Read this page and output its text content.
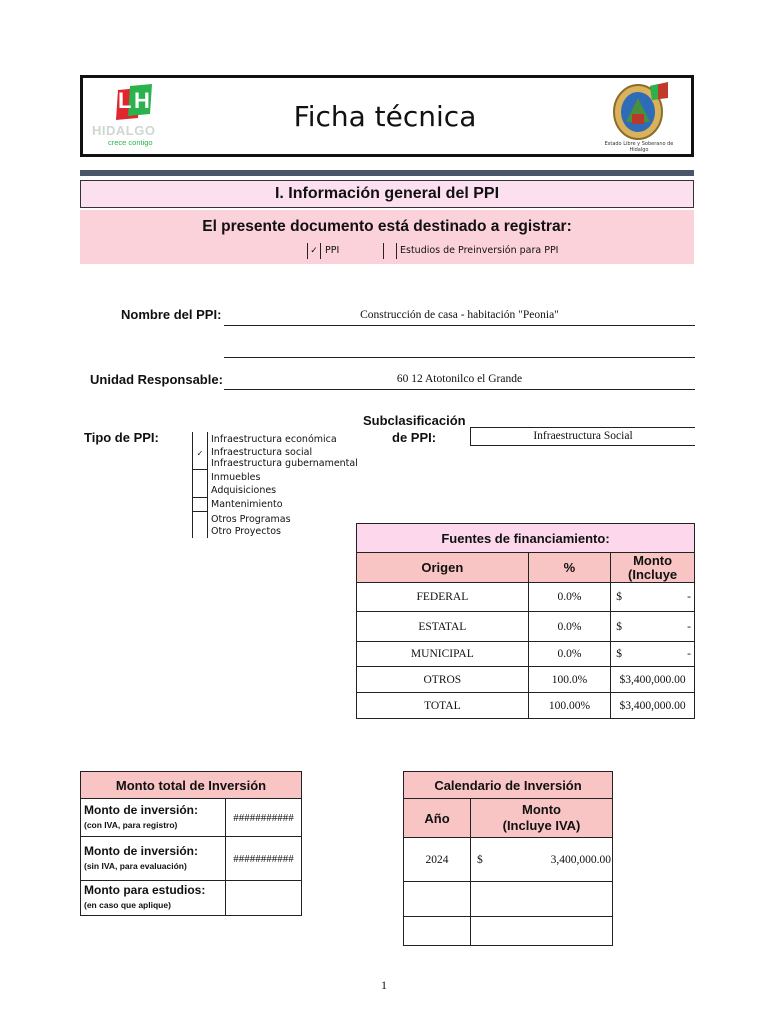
H
L
HIDALGO
crece contigo
Ficha técnica
Estado Libre y Soberano de Hidalgo
I. Información general del PPI
El presente documento está destinado a registrar:
✓ PPI	Estudios de Preinversión para PPI
Nombre del PPI:	Construcción de casa - habitación "Peonia"
Unidad Responsable:	60 12 Atotonilco el Grande
Tipo de PPI:
✓
Infraestructura económica
Infraestructura social
Infraestructura gubernamental
Inmuebles
Adquisiciones
Mantenimiento
Otros Programas
Otro Proyectos
Subclasificación
de PPI:	Infraestructura Social
Fuentes de financiamiento:		
Origen	%	Monto (Incluye
FEDERAL	0.0%	$ -

ESTATAL	0.0%	$ -

MUNICIPAL	0.0%	$ -

OTROS	100.0%	$3,400,000.00
TOTAL	100.00%	$3,400,000.00
Monto total de Inversión	
Monto de inversión:
(con IVA, para registro)	###########
Monto de inversión:
(sin IVA, para evaluación)	###########
Monto para estudios:
(en caso que aplique)	

Calendario de Inversión	
Año	Monto
(Incluye IVA)
2024	$ 3,400,000.00

1
